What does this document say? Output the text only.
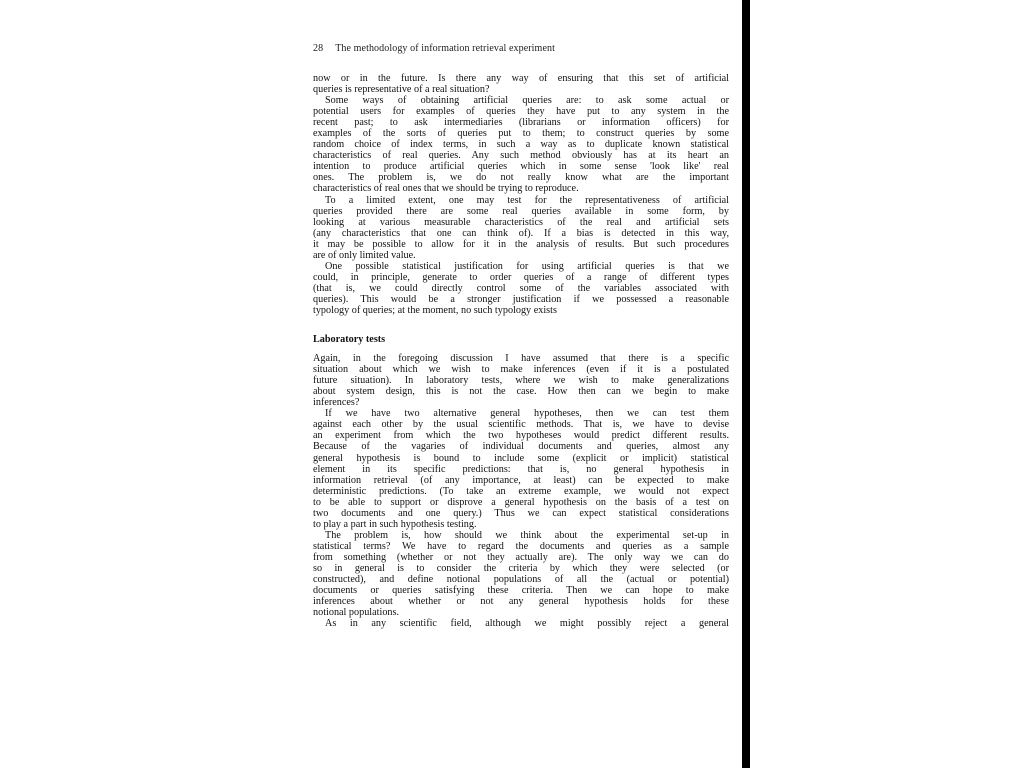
28 The methodology of information retrieval experiment
now or in the future. Is there any way of ensuring that this set of artificial
queries is representative of a real situation?
Some ways of obtaining artificial queries are: to ask some actual or
potential users for examples of queries they have put to any system in the
recent past; to ask intermediaries (librarians or information officers) for
examples of the sorts of queries put to them; to construct queries by some
random choice of index terms, in such a way as to duplicate known statistical
characteristics of real queries. Any such method obviously has at its heart an
intention to produce artificial queries which in some sense 'look like' real
ones. The problem is, we do not really know what are the important
characteristics of real ones that we should be trying to reproduce.
To a limited extent, one may test for the representativeness of artificial
queries provided there are some real queries available in some form, by
looking at various measurable characteristics of the real and artificial sets
(any characteristics that one can think of). If a bias is detected in this way,
it may be possible to allow for it in the analysis of results. But such procedures
are of only limited value.
One possible statistical justification for using artificial queries is that we
could, in principle, generate to order queries of a range of different types
(that is, we could directly control some of the variables associated with
queries). This would be a stronger justification if we possessed a reasonable
typology of queries; at the moment, no such typology exists
Laboratory tests
Again, in the foregoing discussion I have assumed that there is a specific
situation about which we wish to make inferences (even if it is a postulated
future situation). In laboratory tests, where we wish to make generalizations
about system design, this is not the case. How then can we begin to make
inferences?
If we have two alternative general hypotheses, then we can test them
against each other by the usual scientific methods. That is, we have to devise
an experiment from which the two hypotheses would predict different results.
Because of the vagaries of individual documents and queries, almost any
general hypothesis is bound to include some (explicit or implicit) statistical
element in its specific predictions: that is, no general hypothesis in
information retrieval (of any importance, at least) can be expected to make
deterministic predictions. (To take an extreme example, we would not expect
to be able to support or disprove a general hypothesis on the basis of a test on
two documents and one query.) Thus we can expect statistical considerations
to play a part in such hypothesis testing.
The problem is, how should we think about the experimental set-up in
statistical terms? We have to regard the documents and queries as a sample
from something (whether or not they actually are). The only way we can do
so in general is to consider the criteria by which they were selected (or
constructed), and define notional populations of all the (actual or potential)
documents or queries satisfying these criteria. Then we can hope to make
inferences about whether or not any general hypothesis holds for these
notional populations.
As in any scientific field, although we might possibly reject a general
